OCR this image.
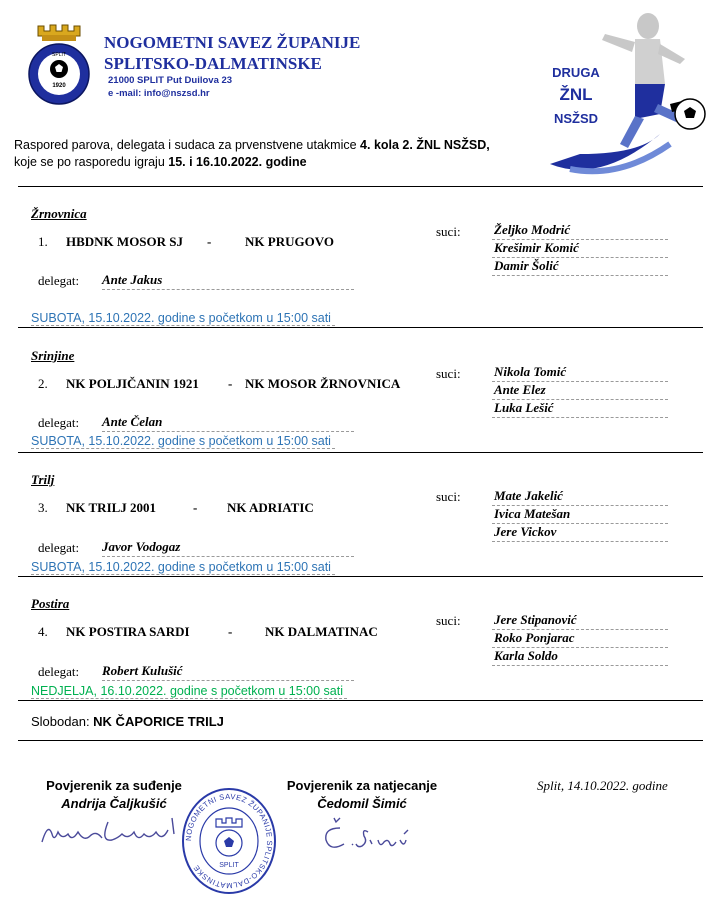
SPLIT
1920
NOGOMETNI SAVEZ ŽUPANIJE
SPLITSKO-DALMATINSKE
21000 SPLIT Put Duilova 23
e -mail: info@nszsd.hr
DRUGA
ŽNL
NSŽSD
Raspored parova, delegata i sudaca za prvenstvene utakmice 4. kola 2. ŽNL NSŽSD,
koje se po rasporedu igraju 15. i 16.10.2022. godine
Žrnovnica
1. HBDNK MOSOR SJ -	NK PRUGOVO
suci:	Željko Modrić
Krešimir Komić
Damir Šolić
delegat: Ante Jakus
SUBOTA, 15.10.2022. godine s početkom u 15:00 sati
Srinjine
2. NK POLJIČANIN 1921 - NK MOSOR ŽRNOVNICA
suci:	Nikola Tomić
Ante Elez
Luka Lešić
delegat: Ante Čelan
SUBOTA, 15.10.2022. godine s početkom u 15:00 sati
Trilj
3. NK TRILJ 2001	- NK ADRIATIC
suci:	Mate Jakelić
Ivica Matešan
Jere Vickov
delegat: Javor Vodogaz
SUBOTA, 15.10.2022. godine s početkom u 15:00 sati
Postira
4. NK POSTIRA SARDI	-	NK DALMATINAC
suci:	Jere Stipanović
Roko Ponjarac
Karla Soldo
delegat: Robert Kulušić
NEDJELJA, 16.10.2022. godine s početkom u 15:00 sati
Slobodan: NK ČAPORICE TRILJ
Povjerenik za suđenje
Andrija Čaljkušić
Povjerenik za natjecanje
Čedomil Šimić
Split, 14.10.2022. godine
NOGOMETNI SAVEZ ŽUPANIJE SPLITSKO-DALMATINSKE	SPLIT
